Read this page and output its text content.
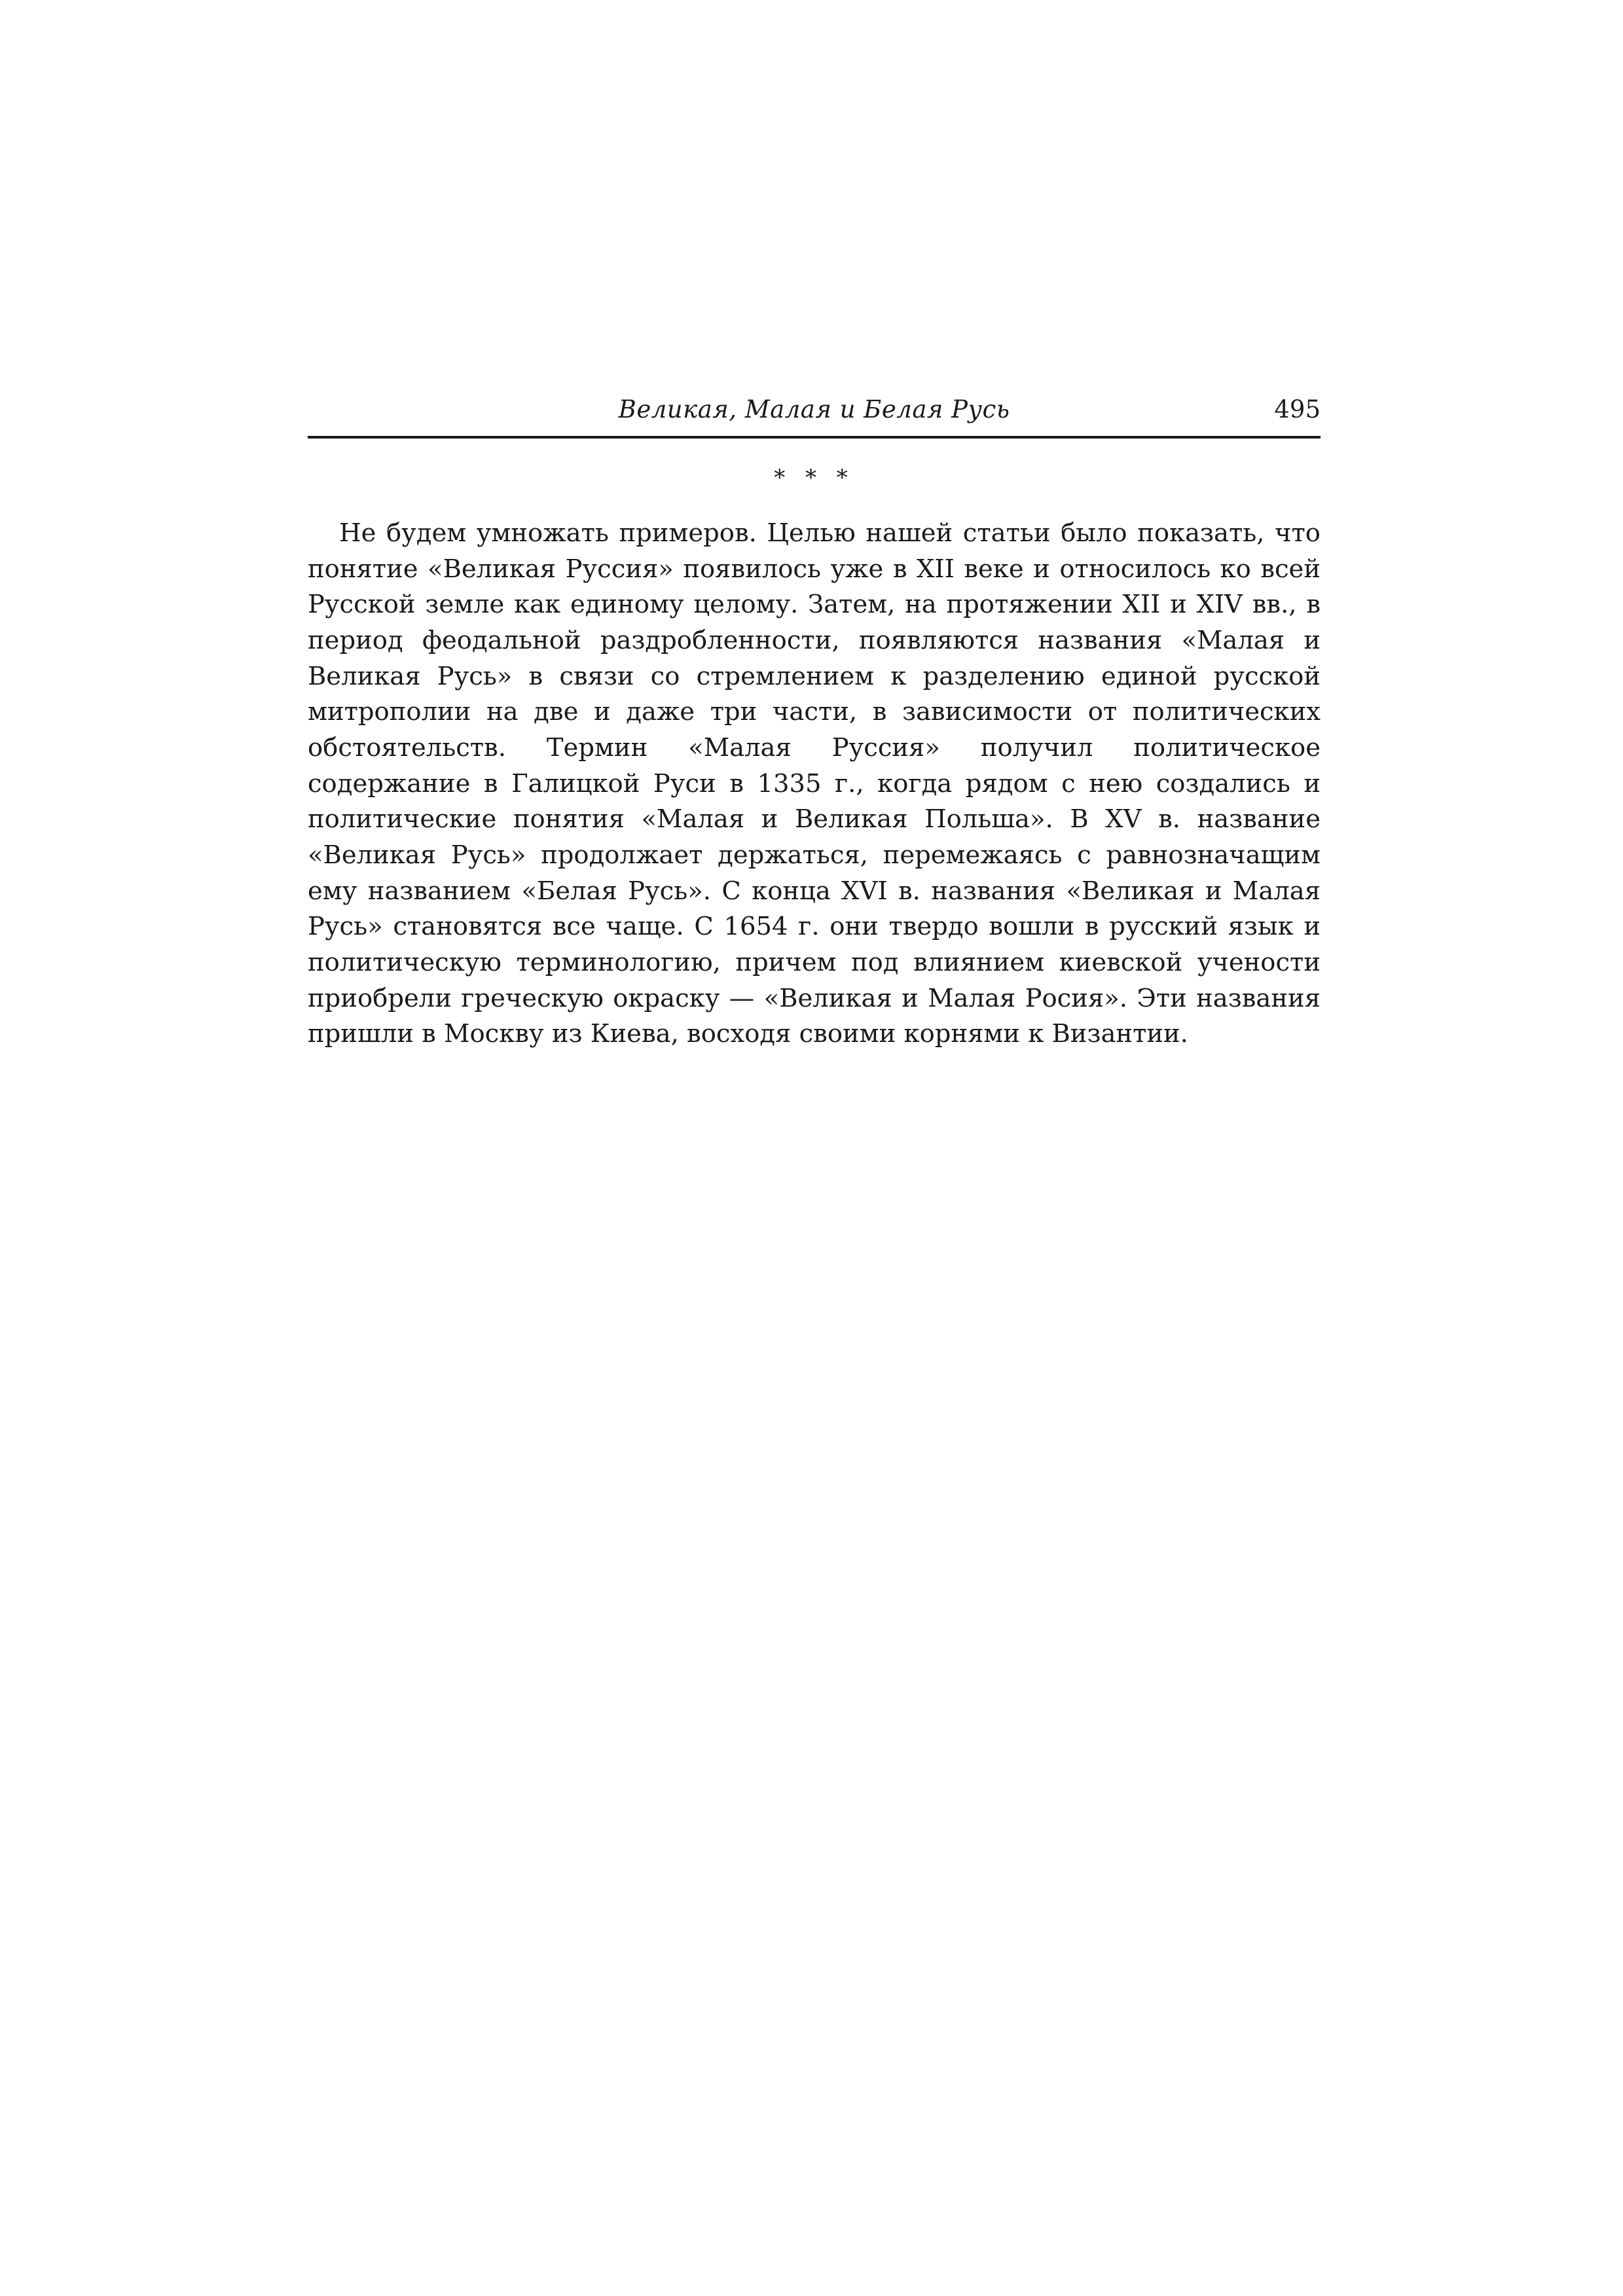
Великая, Малая и Белая Русь	495
* * *

Не будем умножать примеров. Целью нашей статьи было показать, что понятие «Великая Руссия» появилось уже в XII веке и относилось ко всей Русской земле как единому целому. Затем, на протяжении XII и XIV вв., в период феодальной раздробленности, появляются названия «Малая и Великая Русь» в связи со стремлением к разделению единой русской митрополии на две и даже три части, в зависимости от политических обстоятельств. Термин «Малая Руссия» получил политическое содержание в Галицкой Руси в 1335 г., когда рядом с нею создались и политические понятия «Малая и Великая Польша». В XV в. название «Великая Русь» продолжает держаться, перемежаясь с равнозначащим ему названием «Белая Русь». С конца XVI в. названия «Великая и Малая Русь» становятся все чаще. С 1654 г. они твердо вошли в русский язык и политическую терминологию, причем под влиянием киевской учености приобрели греческую окраску — «Великая и Малая Росия». Эти названия пришли в Москву из Киева, восходя своими корнями к Византии.
